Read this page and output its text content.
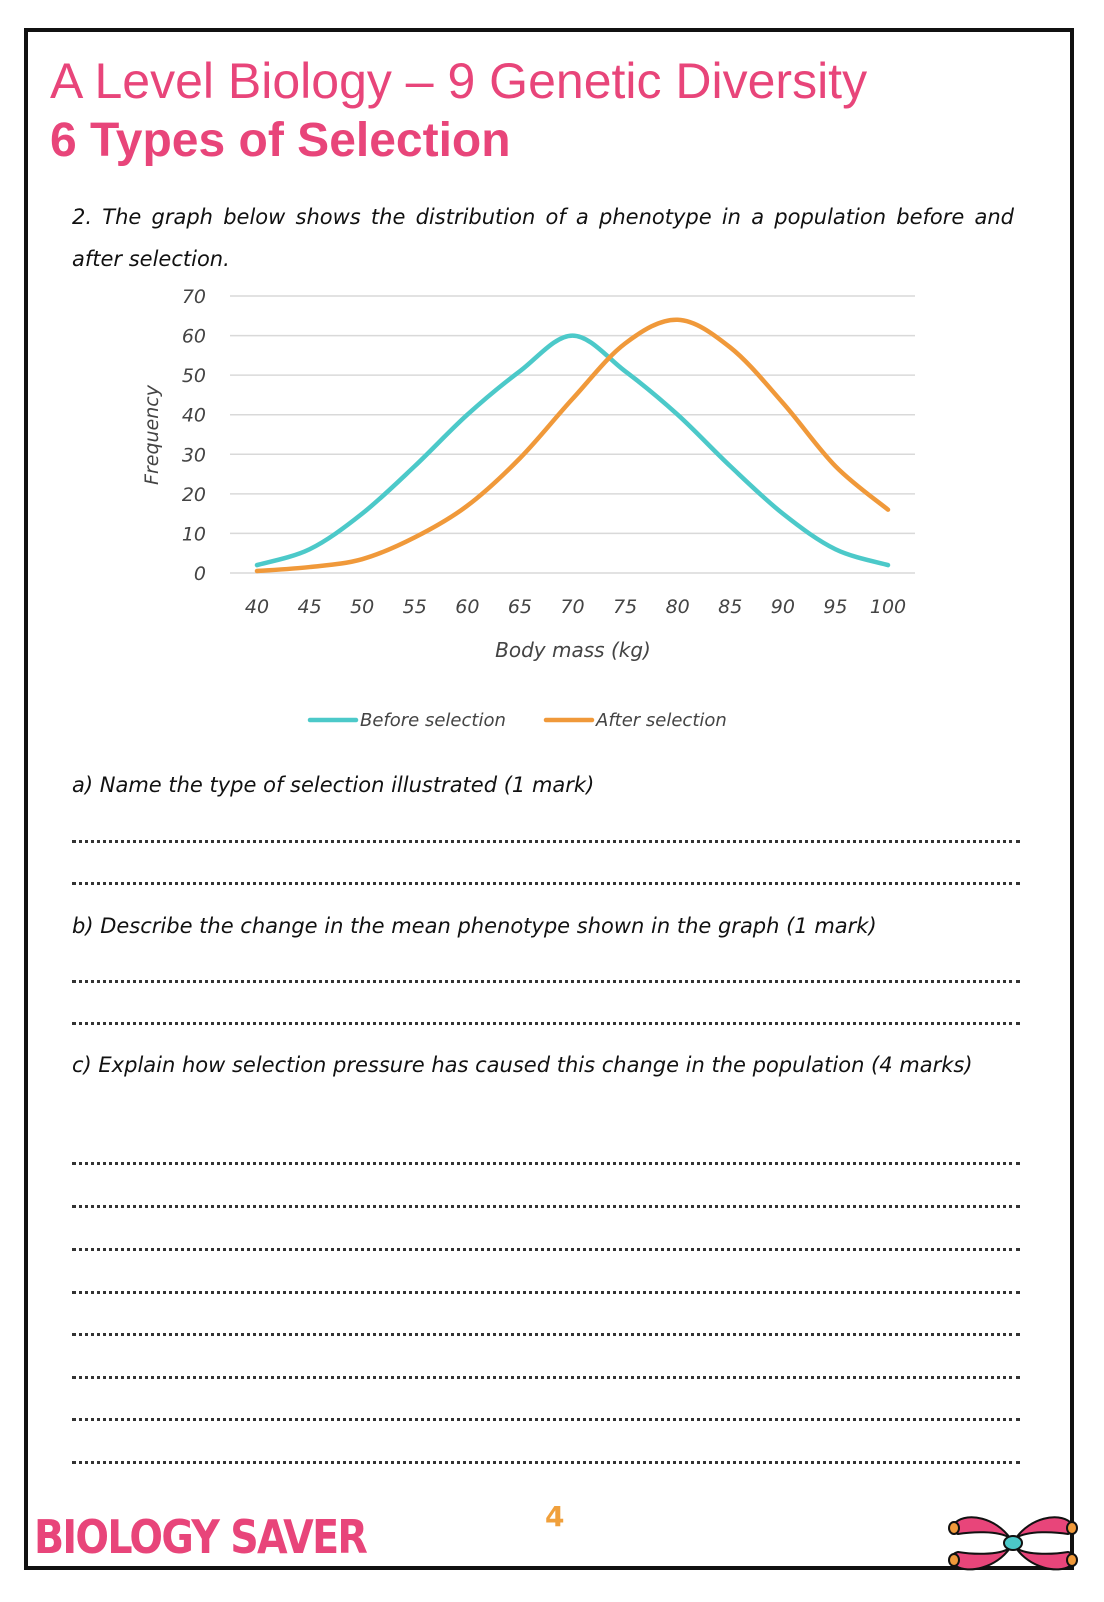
A Level Biology – 9 Genetic Diversity
6 Types of Selection
2. The graph below shows the distribution of a phenotype in a population before and after selection.
0
10
20
30
40
50
60
70
40 45 50 55 60 65 70 75 80 85 90 95 100
Body mass (kg)
Frequency
Before selection	After selection
a) Name the type of selection illustrated (1 mark)
b) Describe the change in the mean phenotype shown in the graph (1 mark)
c) Explain how selection pressure has caused this change in the population (4 marks)
4
BIOLOGY SAVER
